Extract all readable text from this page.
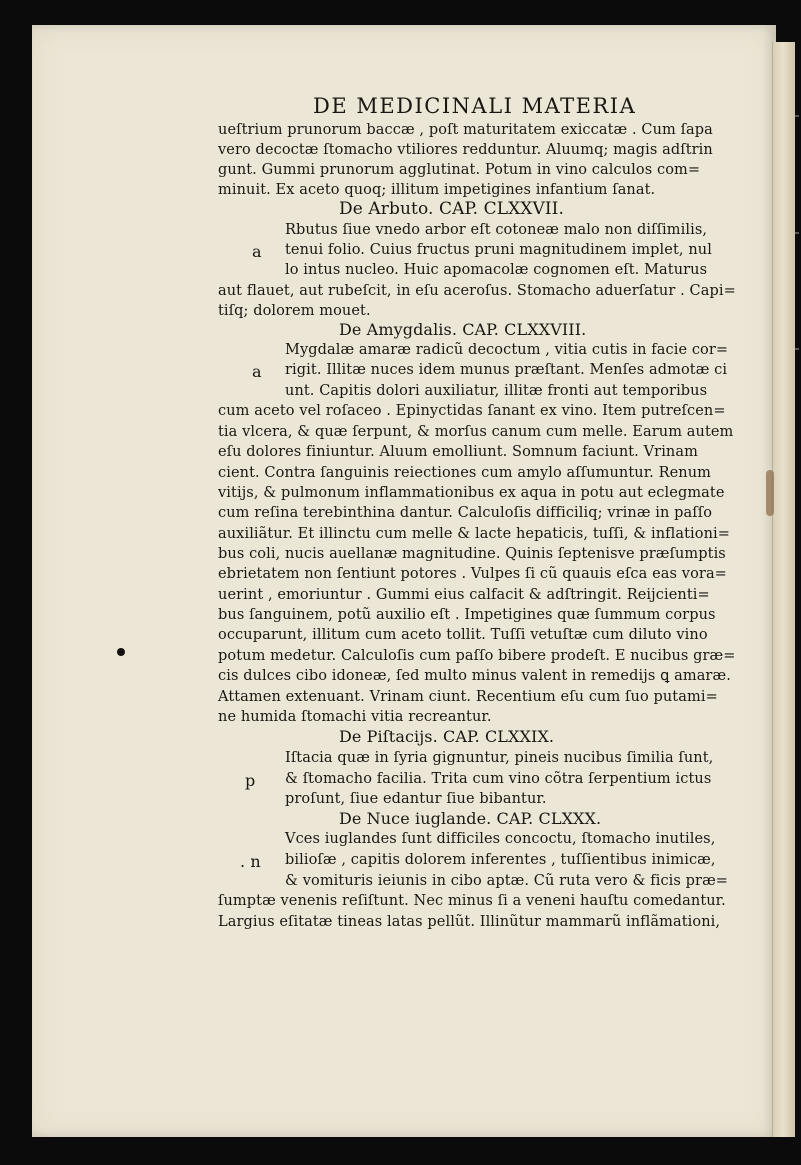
DE MEDICINALI MATERIA
ueſtrium prunorum baccæ , poſt maturitatem exiccatæ . Cum ſapa
vero decoctæ ſtomacho vtiliores redduntur. Aluumq; magis adſtrin
gunt. Gummi prunorum agglutinat. Potum in vino calculos com=
minuit. Ex aceto quoq; illitum impetigines infantium ſanat.
De Arbuto. CAP. CLXXVII.
Rbutus ſiue vnedo arbor eſt cotoneæ malo non diſſimilis,
tenui folio. Cuius fructus pruni magnitudinem implet, nul
lo intus nucleo. Huic apomacolæ cognomen eſt. Maturus
aut flauet, aut rubeſcit, in eſu aceroſus. Stomacho aduerſatur . Capi=
tiſq; dolorem mouet.
De Amygdalis. CAP. CLXXVIII.
Mygdalæ amaræ radicũ decoctum , vitia cutis in facie cor=
rigit. Illitæ nuces idem munus præſtant. Menſes admotæ ci
unt. Capitis dolori auxiliatur, illitæ fronti aut temporibus
cum aceto vel roſaceo . Epinyctidas ſanant ex vino. Item putreſcen=
tia vlcera, & quæ ſerpunt, & morſus canum cum melle. Earum autem
eſu dolores finiuntur. Aluum emolliunt. Somnum faciunt. Vrinam
cient. Contra ſanguinis reiectiones cum amylo aſſumuntur. Renum
vitijs, & pulmonum inflammationibus ex aqua in potu aut eclegmate
cum reſina terebinthina dantur. Calculoſis difficiliq; vrinæ in paſſo
auxiliãtur. Et illinctu cum melle & lacte hepaticis, tuſſi, & inflationi=
bus coli, nucis auellanæ magnitudine. Quinis ſeptenisve præſumptis
ebrietatem non ſentiunt potores . Vulpes ſi cũ quauis eſca eas vora=
uerint , emoriuntur . Gummi eius calfacit & adſtringit. Reijcienti=
bus ſanguinem, potũ auxilio eſt . Impetigines quæ ſummum corpus
occuparunt, illitum cum aceto tollit. Tuſſi vetuſtæ cum diluto vino
potum medetur. Calculoſis cum paſſo bibere prodeſt. E nucibus græ=
cis dulces cibo idoneæ, ſed multo minus valent in remedijs ꝗ amaræ.
Attamen extenuant. Vrinam ciunt. Recentium eſu cum ſuo putami=
ne humida ſtomachi vitia recreantur.
De Piſtacijs. CAP. CLXXIX.
Iſtacia quæ in ſyria gignuntur, pineis nucibus ſimilia ſunt,
& ſtomacho facilia. Trita cum vino cõtra ſerpentium ictus
proſunt, ſiue edantur ſiue bibantur.
De Nuce iuglande. CAP. CLXXX.
Vces iuglandes ſunt difficiles concoctu, ſtomacho inutiles,
bilioſæ , capitis dolorem inferentes , tuſſientibus inimicæ,
& vomituris ieiunis in cibo aptæ. Cũ ruta vero & ficis præ=
ſumptæ venenis reſiſtunt. Nec minus ſi a veneni hauſtu comedantur.
Largius eſitatæ tineas latas pellũt. Illinũtur mammarũ inflãmationi,
a
a
p
. n
